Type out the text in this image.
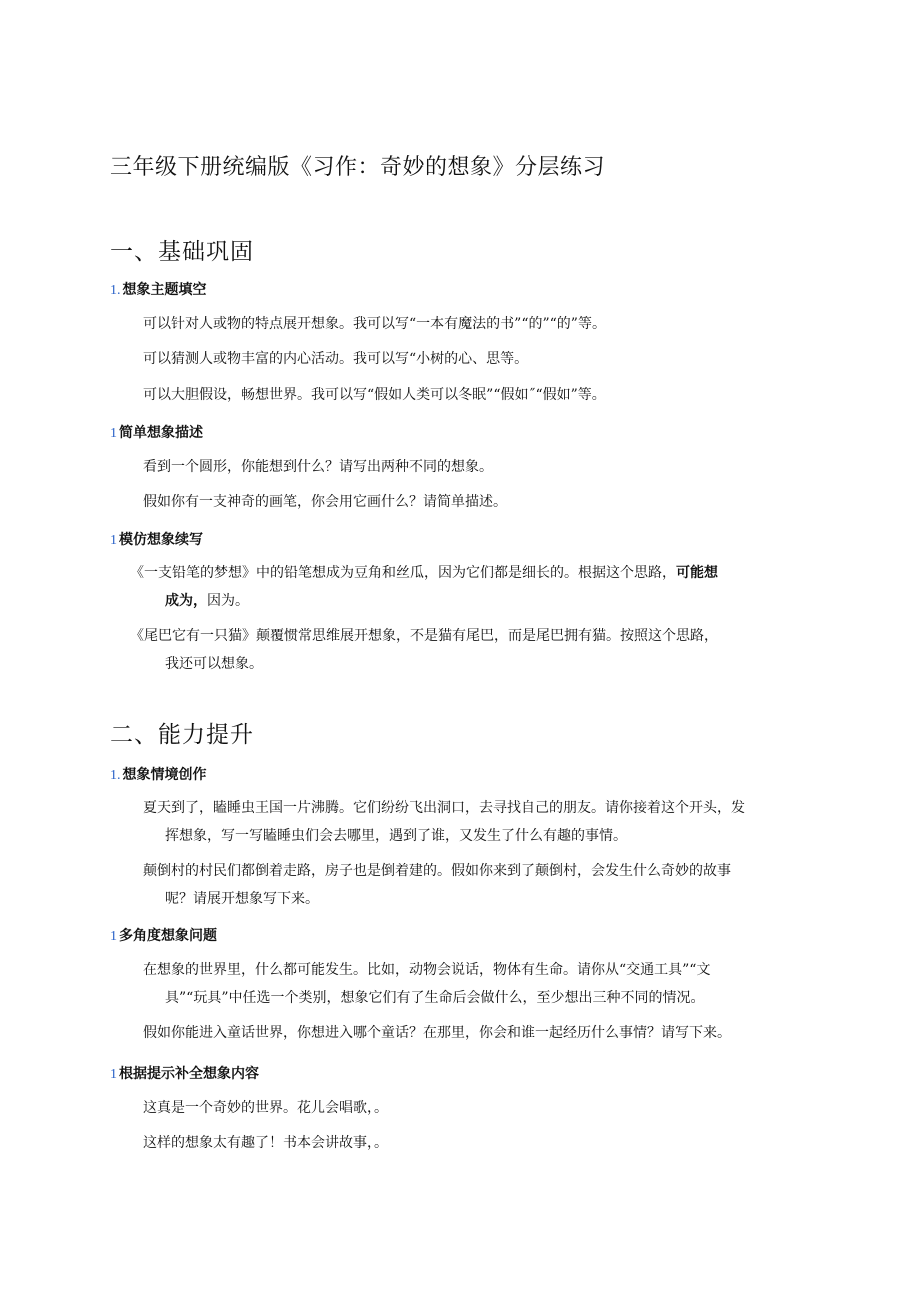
三年级下册统编版《习作：奇妙的想象》分层练习
一、基础巩固
1. 想象主题填空
可以针对人或物的特点展开想象。我可以写“一本有魔法的书”“的”“的”等。
可以猜测人或物丰富的内心活动。我可以写“小树的心、思等。
可以大胆假设，畅想世界。我可以写“假如人类可以冬眠”“假如˝“假如”等。
1 简单想象描述
看到一个圆形，你能想到什么？请写出两种不同的想象。
假如你有一支神奇的画笔，你会用它画什么？请简单描述。
1 模仿想象续写
《一支铅笔的梦想》中的铅笔想成为豆角和丝瓜，因为它们都是细长的。根据这个思路，可能想
成为，因为。
《尾巴它有一只猫》颠覆惯常思维展开想象，不是猫有尾巴，而是尾巴拥有猫。按照这个思路，
我还可以想象。
二、能力提升
1. 想象情境创作
夏天到了，瞌睡虫王国一片沸腾。它们纷纷飞出洞口，去寻找自己的朋友。请你接着这个开头，发
挥想象，写一写瞌睡虫们会去哪里，遇到了谁，又发生了什么有趣的事情。
颠倒村的村民们都倒着走路，房子也是倒着建的。假如你来到了颠倒村，会发生什么奇妙的故事
呢？请展开想象写下来。
1 多角度想象问题
在想象的世界里，什么都可能发生。比如，动物会说话，物体有生命。请你从“交通工具”“文
具”“玩具”中任选一个类别，想象它们有了生命后会做什么，至少想出三种不同的情况。
假如你能进入童话世界，你想进入哪个童话？在那里，你会和谁一起经历什么事情？请写下来。
1 根据提示补全想象内容
这真是一个奇妙的世界。花儿会唱歌，。
这样的想象太有趣了！书本会讲故事，。
